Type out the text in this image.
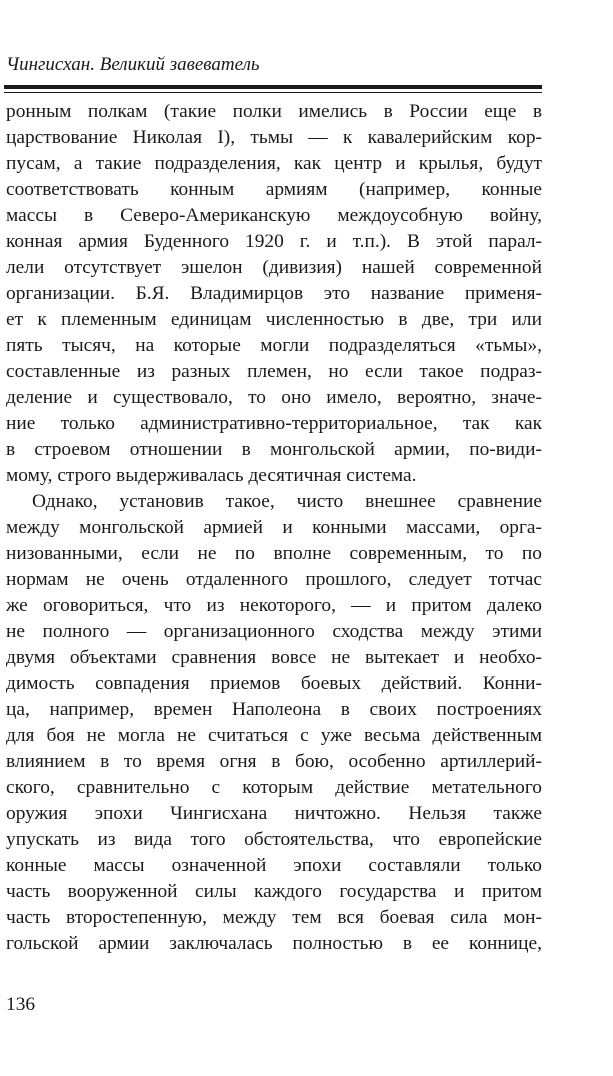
Чингисхан. Великий завеватель
ронным полкам (такие полки имелись в России еще в
царствование Николая I), тьмы — к кавалерийским кор-
пусам, а такие подразделения, как центр и крылья, будут
соответствовать конным армиям (например, конные
массы в Северо-Американскую междоусобную войну,
конная армия Буденного 1920 г. и т.п.). В этой парал-
лели отсутствует эшелон (дивизия) нашей современной
организации. Б.Я. Владимирцов это название применя-
ет к племенным единицам численностью в две, три или
пять тысяч, на которые могли подразделяться «тьмы»,
составленные из разных племен, но если такое подраз-
деление и существовало, то оно имело, вероятно, значе-
ние только административно-территориальное, так как
в строевом отношении в монгольской армии, по-види-
мому, строго выдерживалась десятичная система.
Однако, установив такое, чисто внешнее сравнение
между монгольской армией и конными массами, орга-
низованными, если не по вполне современным, то по
нормам не очень отдаленного прошлого, следует тотчас
же оговориться, что из некоторого, — и притом далеко
не полного — организационного сходства между этими
двумя объектами сравнения вовсе не вытекает и необхо-
димость совпадения приемов боевых действий. Конни-
ца, например, времен Наполеона в своих построениях
для боя не могла не считаться с уже весьма действенным
влиянием в то время огня в бою, особенно артиллерий-
ского, сравнительно с которым действие метательного
оружия эпохи Чингисхана ничтожно. Нельзя также
упускать из вида того обстоятельства, что европейские
конные массы означенной эпохи составляли только
часть вооруженной силы каждого государства и притом
часть второстепенную, между тем вся боевая сила мон-
гольской армии заключалась полностью в ее коннице,
136
